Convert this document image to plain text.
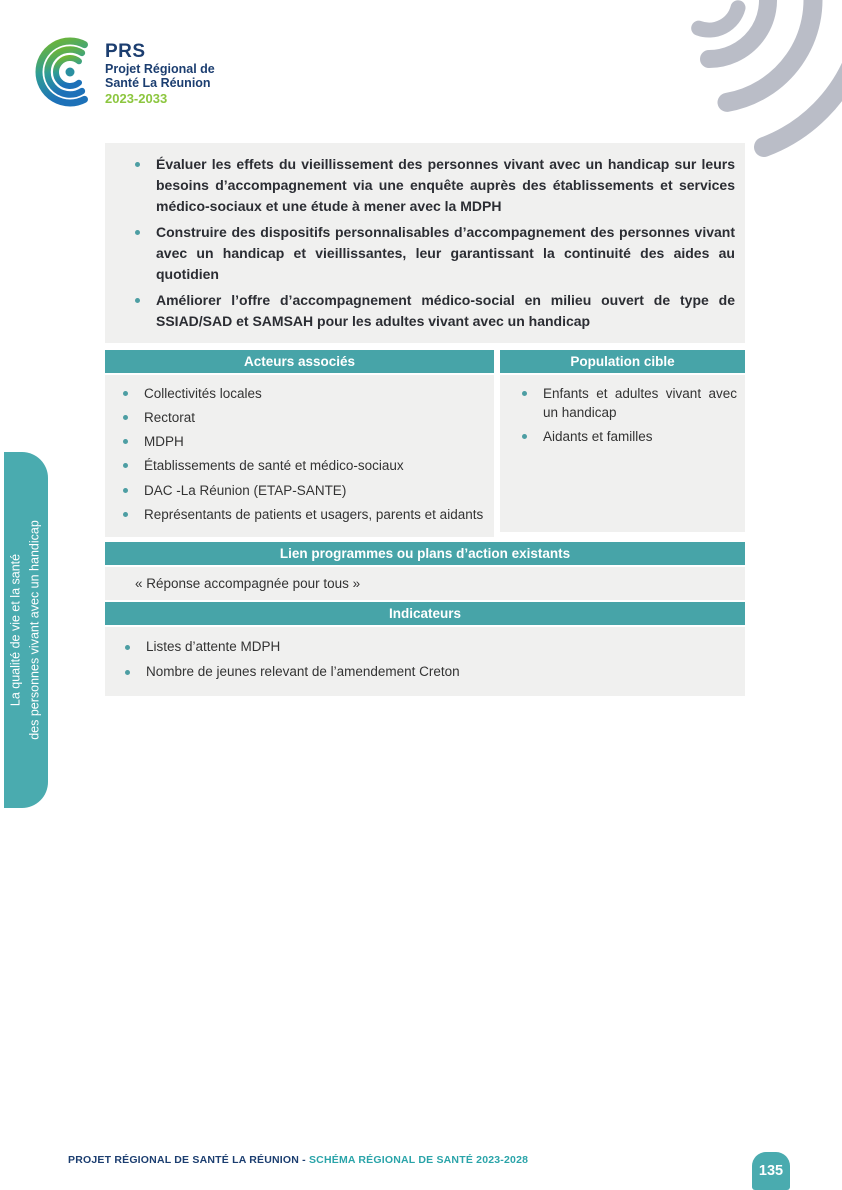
PRS
Projet Régional de
Santé La Réunion
2023-2033
La qualité de vie et la santé des personnes vivant avec un handicap
Évaluer les effets du vieillissement des personnes vivant avec un handicap sur leurs besoins d’accompagnement via une enquête auprès des établissements et services médico-sociaux et une étude à mener avec la MDPH
Construire des dispositifs personnalisables d’accompagnement des personnes vivant avec un handicap et vieillissantes, leur garantissant la continuité des aides au quotidien
Améliorer l’offre d’accompagnement médico-social en milieu ouvert de type de SSIAD/SAD et SAMSAH pour les adultes vivant avec un handicap
Acteurs associés
Collectivités locales
Rectorat
MDPH
Établissements de santé et médico-sociaux
DAC -La Réunion (ETAP-SANTE)
Représentants de patients et usagers, parents et aidants
Population cible
Enfants et adultes vivant avec un handicap
Aidants et familles
Lien programmes ou plans d’action existants
« Réponse accompagnée pour tous »
Indicateurs
Listes d’attente MDPH
Nombre de jeunes relevant de l’amendement Creton
PROJET RÉGIONAL DE SANTÉ LA RÉUNION - SCHÉMA RÉGIONAL DE SANTÉ 2023-2028
135
